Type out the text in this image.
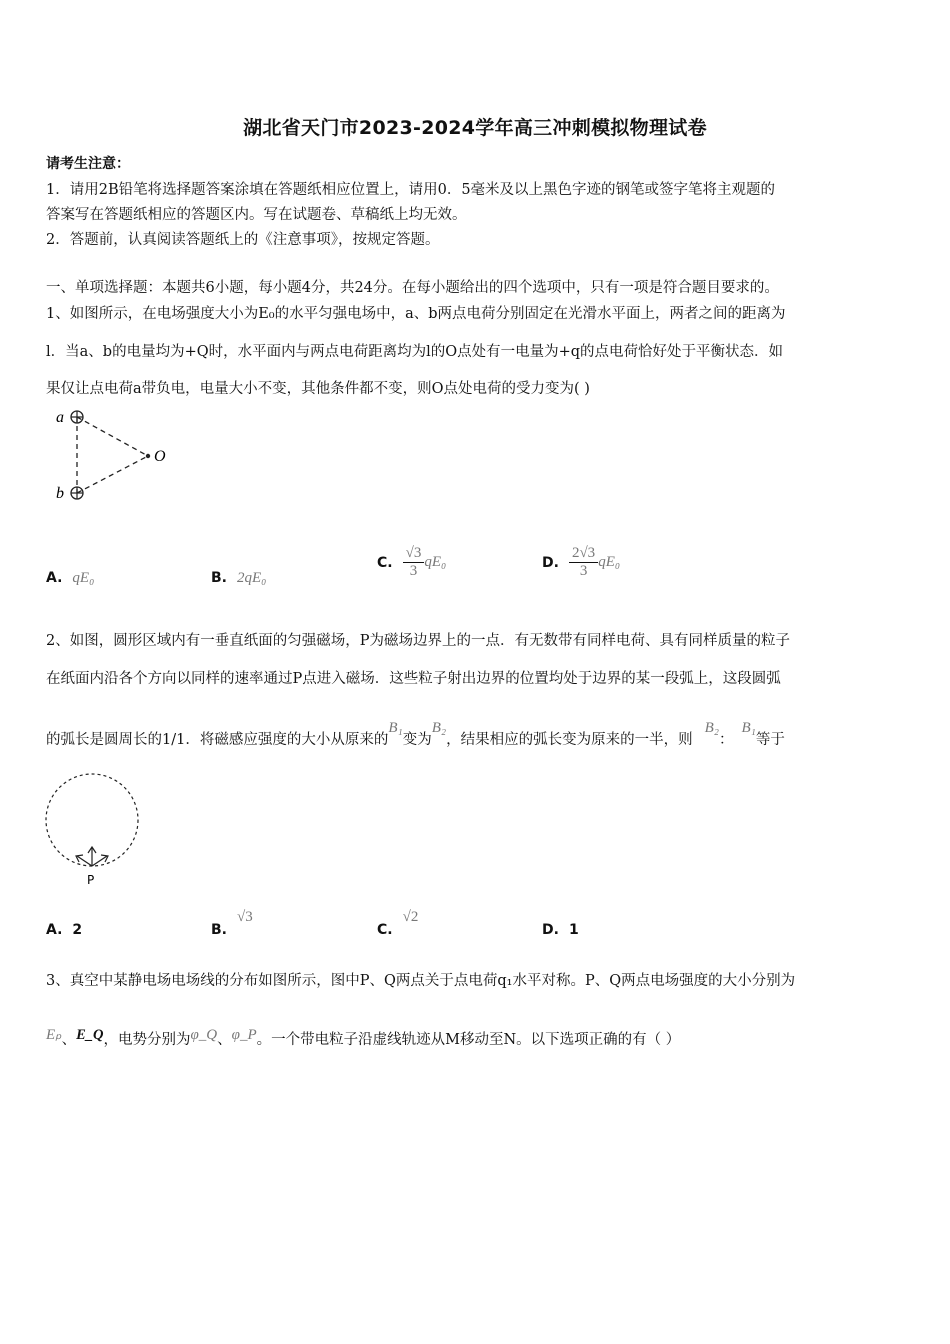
湖北省天门市2023-2024学年高三冲刺模拟物理试卷
请考生注意：
1．请用2B铅笔将选择题答案涂填在答题纸相应位置上，请用0．5毫米及以上黑色字迹的钢笔或签字笔将主观题的
答案写在答题纸相应的答题区内。写在试题卷、草稿纸上均无效。
2．答题前，认真阅读答题纸上的《注意事项》，按规定答题。
一、单项选择题：本题共6小题，每小题4分，共24分。在每小题给出的四个选项中，只有一项是符合题目要求的。
1、如图所示，在电场强度大小为E₀的水平匀强电场中，a、b两点电荷分别固定在光滑水平面上，两者之间的距离为
l．当a、b的电量均为+Q时，水平面内与两点电荷距离均为l的O点处有一电量为+q的点电荷恰好处于平衡状态．如
果仅让点电荷a带负电，电量大小不变，其他条件都不变，则O点处电荷的受力变为( )
a
b
O
A. qE₀	B. 2qE₀
C. $\frac{√3}{3} qE_0$	D. $\frac{2√3}{3} qE_0$
2、如图，圆形区域内有一垂直纸面的匀强磁场，P为磁场边界上的一点．有无数带有同样电荷、具有同样质量的粒子
在纸面内沿各个方向以同样的速率通过P点进入磁场．这些粒子射出边界的位置均处于边界的某一段弧上，这段圆弧
的弧长是圆周长的1/1．将磁感应强度的大小从原来的B₁变为B₂，结果相应的弧长变为原来的一半，则B₂：B₁等于
P
A. 2	B.√3
C.√2
D. 1
3、真空中某静电场电场线的分布如图所示，图中P、Q两点关于点电荷q₁水平对称。P、Q两点电场强度的大小分别为
Eₚ、E_Q，电势分别为φ_Q、φ_P。一个带电粒子沿虚线轨迹从M移动至N。以下选项正确的有（ ）
